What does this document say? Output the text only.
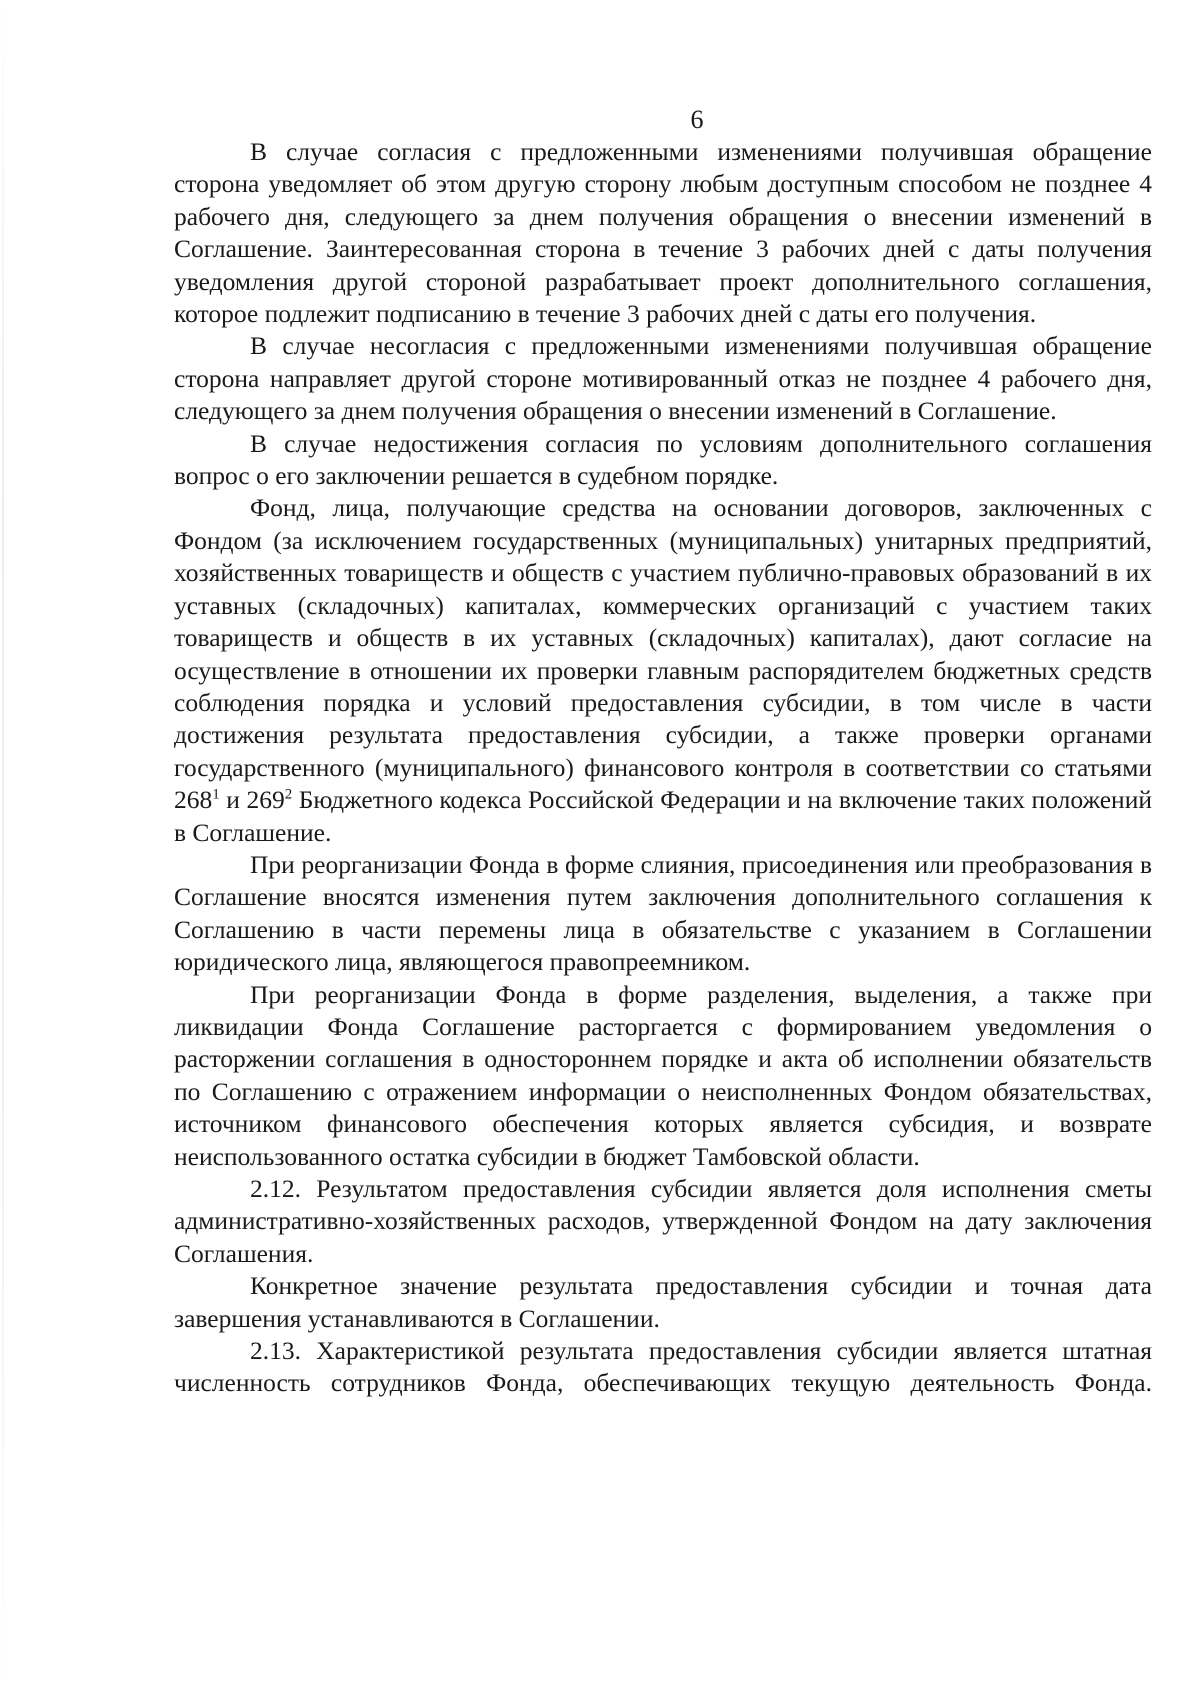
6

В случае согласия с предложенными изменениями получившая обращение сторона уведомляет об этом другую сторону любым доступным способом не позднее 4 рабочего дня, следующего за днем получения обращения о внесении изменений в Соглашение. Заинтересованная сторона в течение 3 рабочих дней с даты получения уведомления другой стороной разрабатывает проект дополнительного соглашения, которое подлежит подписанию в течение 3 рабочих дней с даты его получения.

В случае несогласия с предложенными изменениями получившая обращение сторона направляет другой стороне мотивированный отказ не позднее 4 рабочего дня, следующего за днем получения обращения о внесении изменений в Соглашение.

В случае недостижения согласия по условиям дополнительного соглашения вопрос о его заключении решается в судебном порядке.

Фонд, лица, получающие средства на основании договоров, заключенных с Фондом (за исключением государственных (муниципальных) унитарных предприятий, хозяйственных товариществ и обществ с участием публично-правовых образований в их уставных (складочных) капиталах, коммерческих организаций с участием таких товариществ и обществ в их уставных (складочных) капиталах), дают согласие на осуществление в отношении их проверки главным распорядителем бюджетных средств соблюдения порядка и условий предоставления субсидии, в том числе в части достижения результата предоставления субсидии, а также проверки органами государственного (муниципального) финансового контроля в соответствии со статьями $268^1$ и $269^2$ Бюджетного кодекса Российской Федерации и на включение таких положений в Соглашение.

При реорганизации Фонда в форме слияния, присоединения или преобразования в Соглашение вносятся изменения путем заключения дополнительного соглашения к Соглашению в части перемены лица в обязательстве с указанием в Соглашении юридического лица, являющегося правопреемником.

При реорганизации Фонда в форме разделения, выделения, а также при ликвидации Фонда Соглашение расторгается с формированием уведомления о расторжении соглашения в одностороннем порядке и акта об исполнении обязательств по Соглашению с отражением информации о неисполненных Фондом обязательствах, источником финансового обеспечения которых является субсидия, и возврате неиспользованного остатка субсидии в бюджет Тамбовской области.

2.12. Результатом предоставления субсидии является доля исполнения сметы административно-хозяйственных расходов, утвержденной Фондом на дату заключения Соглашения.

Конкретное значение результата предоставления субсидии и точная дата завершения устанавливаются в Соглашении.

2.13. Характеристикой результата предоставления субсидии является штатная численность сотрудников Фонда, обеспечивающих текущую деятельность Фонда.
